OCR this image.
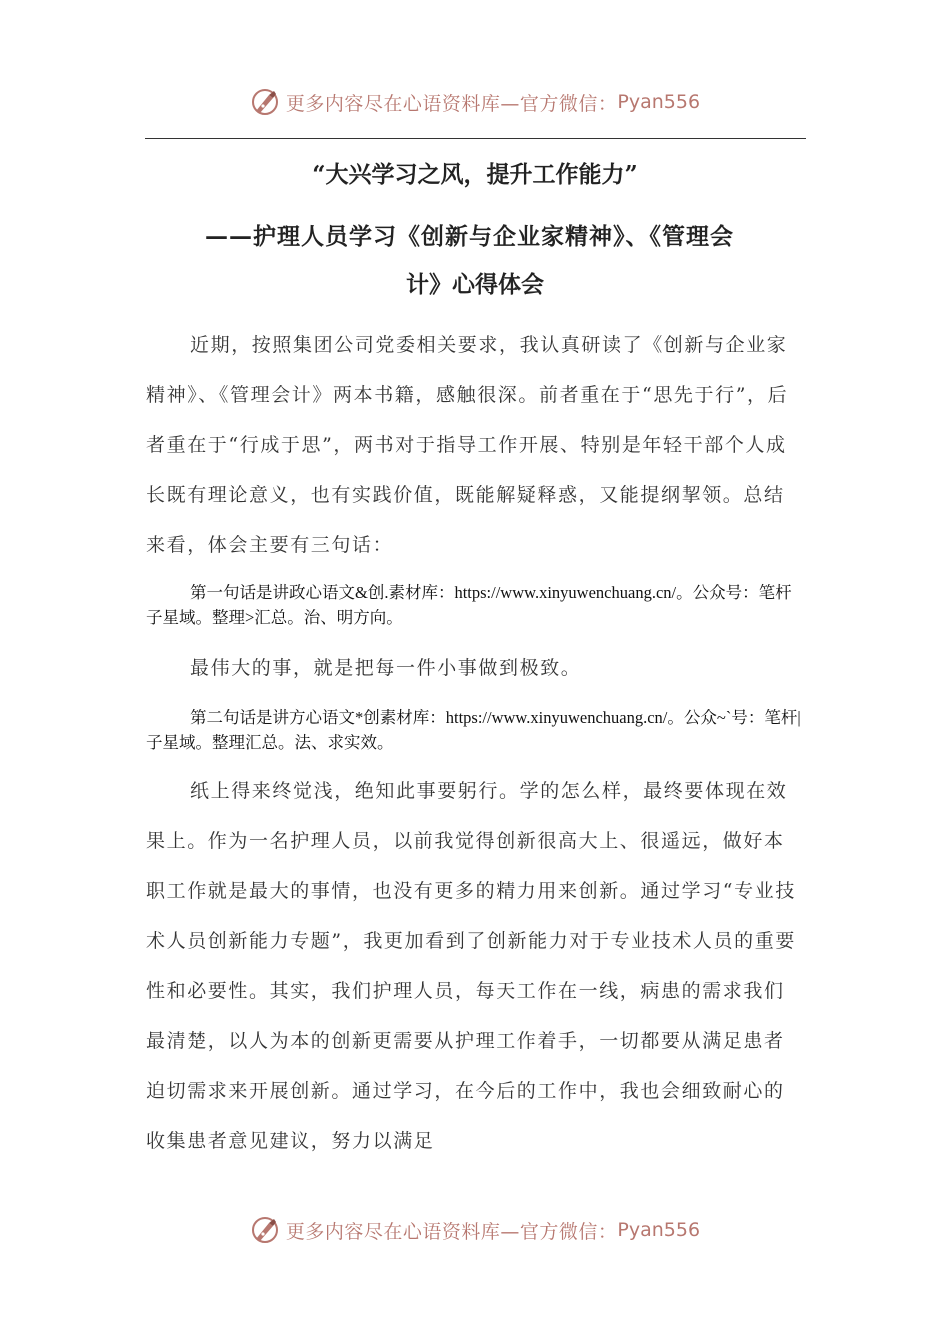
更多内容尽在心语资料库—官方微信： Pyan556
“大兴学习之风，提升工作能力”
——护理人员学习《创新与企业家精神》、《管理会
计》心得体会

近期，按照集团公司党委相关要求，我认真研读了《创新与企业家精神》、《管理会计》两本书籍，感触很深。前者重在于“思先于行”，后者重在于“行成于思”，两书对于指导工作开展、特别是年轻干部个人成长既有理论意义，也有实践价值，既能解疑释惑，又能提纲挈领。总结来看，体会主要有三句话：

第一句话是讲政心语文&创.素材库：https://www.xinyuwenchuang.cn/。公众号：笔杆子星域。整理>汇总。治、明方向。

最伟大的事，就是把每一件小事做到极致。

第二句话是讲方心语文*创素材库：https://www.xinyuwenchuang.cn/。公众~`号：笔杆|子星域。整理汇总。法、求实效。

纸上得来终觉浅，绝知此事要躬行。学的怎么样，最终要体现在效果上。作为一名护理人员，以前我觉得创新很高大上、很遥远，做好本职工作就是最大的事情，也没有更多的精力用来创新。通过学习“专业技术人员创新能力专题”，我更加看到了创新能力对于专业技术人员的重要性和必要性。其实，我们护理人员，每天工作在一线，病患的需求我们最清楚，以人为本的创新更需要从护理工作着手，一切都要从满足患者迫切需求来开展创新。通过学习，在今后的工作中，我也会细致耐心的收集患者意见建议，努力以满足

更多内容尽在心语资料库—官方微信： Pyan556
